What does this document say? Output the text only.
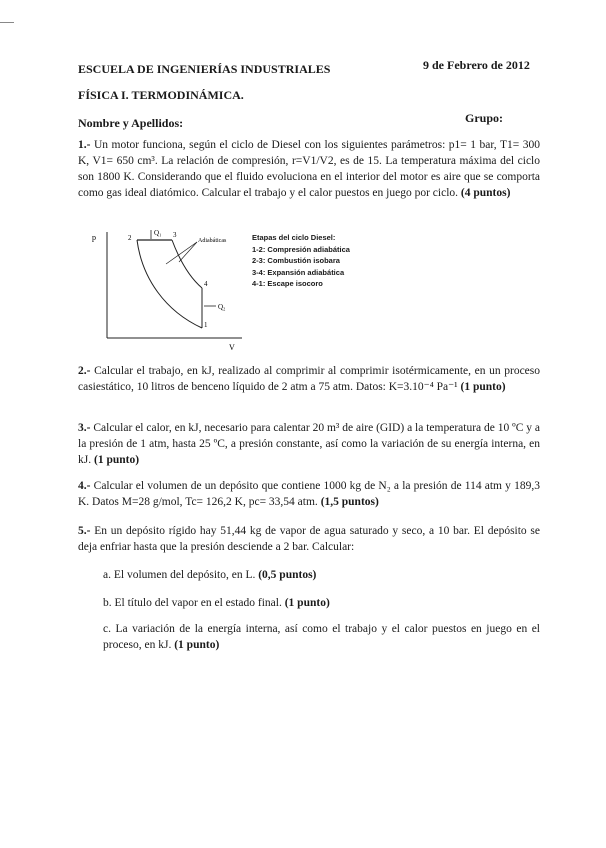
ESCUELA DE INGENIERÍAS INDUSTRIALES	9 de Febrero de 2012
FÍSICA I. TERMODINÁMICA.
Nombre y Apellidos:	Grupo:
1.- Un motor funciona, según el ciclo de Diesel con los siguientes parámetros: p1= 1 bar, T1= 300 K, V1= 650 cm³. La relación de compresión, r=V1/V2, es de 15. La temperatura máxima del ciclo son 1800 K. Considerando que el fluido evoluciona en el interior del motor es aire que se comporta como gas ideal diatómico. Calcular el trabajo y el calor puestos en juego por ciclo. (4 puntos)
p
V
2	3
4
1
Q₁
Q₂
Adiabáticas	Etapas del ciclo Diesel:
1-2: Compresión adiabática
2-3: Combustión isobara
3-4: Expansión adiabática
4-1: Escape isocoro
2.- Calcular el trabajo, en kJ, realizado al comprimir al comprimir isotérmicamente, en un proceso casiestático, 10 litros de benceno líquido de 2 atm a 75 atm. Datos: K=3.10⁻⁴ Pa⁻¹ (1 punto)
3.- Calcular el calor, en kJ, necesario para calentar 20 m³ de aire (GID) a la temperatura de 10 ºC y a la presión de 1 atm, hasta 25 ºC, a presión constante, así como la variación de su energía interna, en kJ. (1 punto)
4.- Calcular el volumen de un depósito que contiene 1000 kg de N₂ a la presión de 114 atm y 189,3 K. Datos M=28 g/mol, Tc= 126,2 K, pc= 33,54 atm. (1,5 puntos)
5.- En un depósito rígido hay 51,44 kg de vapor de agua saturado y seco, a 10 bar. El depósito se deja enfriar hasta que la presión desciende a 2 bar. Calcular:
a. El volumen del depósito, en L. (0,5 puntos)
b. El título del vapor en el estado final. (1 punto)
c. La variación de la energía interna, así como el trabajo y el calor puestos en juego en el proceso, en kJ. (1 punto)
